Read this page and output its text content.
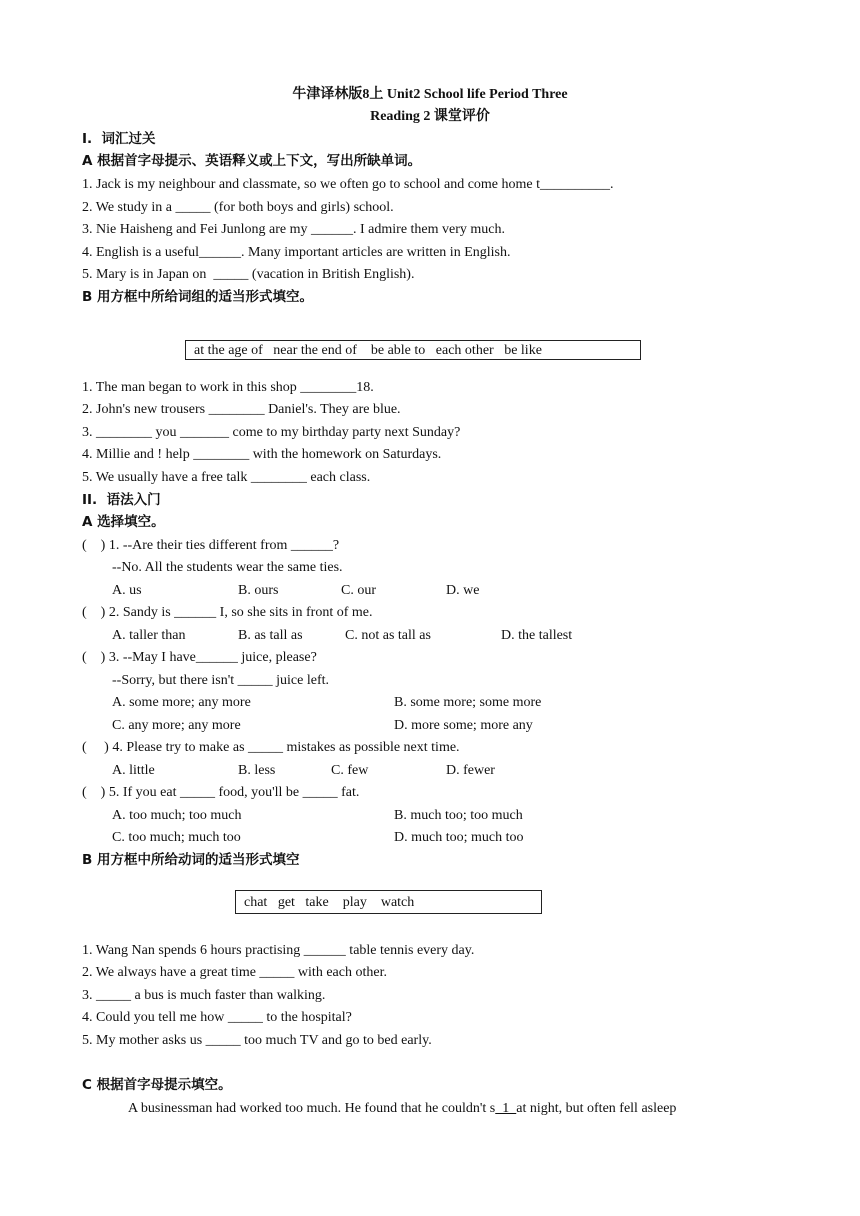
牛津译林版8上 Unit2 School life Period Three
Reading 2 课堂评价
I.  词汇过关
A 根据首字母提示、英语释义或上下文，写出所缺单词。
1. Jack is my neighbour and classmate, so we often go to school and come home t__________.
2. We study in a _____ (for both boys and girls) school.
3. Nie Haisheng and Fei Junlong are my ______. I admire them very much.
4. English is a useful______. Many important articles are written in English.
5. Mary is in Japan on  _____ (vacation in British English).
B 用方框中所给词组的适当形式填空。
at the age of   near the end of    be able to   each other   be like
1. The man began to work in this shop ________18.
2. John's new trousers ________ Daniel's. They are blue.
3. ________ you _______ come to my birthday party next Sunday?
4. Millie and ! help ________ with the homework on Saturdays.
5. We usually have a free talk ________ each class.
II.  语法入门
A 选择填空。
(    ) 1. --Are their ties different from ______?
--No. All the students wear the same ties.
A. us	B. ours	C. our	D. we
(    ) 2. Sandy is ______ I, so she sits in front of me.
A. taller than	B. as tall as	C. not as tall as	D. the tallest
(    ) 3. --May I have______ juice, please?
--Sorry, but there isn't _____ juice left.
A. some more; any more	B. some more; some more
C. any more; any more	D. more some; more any
(     ) 4. Please try to make as _____ mistakes as possible next time.
A. little	B. less	C. few	D. fewer
(    ) 5. If you eat _____ food, you'll be _____ fat.
A. too much; too much	B. much too; too much
C. too much; much too	D. much too; much too
B 用方框中所给动词的适当形式填空
chat   get   take    play    watch
1. Wang Nan spends 6 hours practising ______ table tennis every day.
2. We always have a great time _____ with each other.
3. _____ a bus is much faster than walking.
4. Could you tell me how _____ to the hospital?
5. My mother asks us _____ too much TV and go to bed early.
C 根据首字母提示填空。
A businessman had worked too much. He found that he couldn't s  1  at night, but often fell asleep
